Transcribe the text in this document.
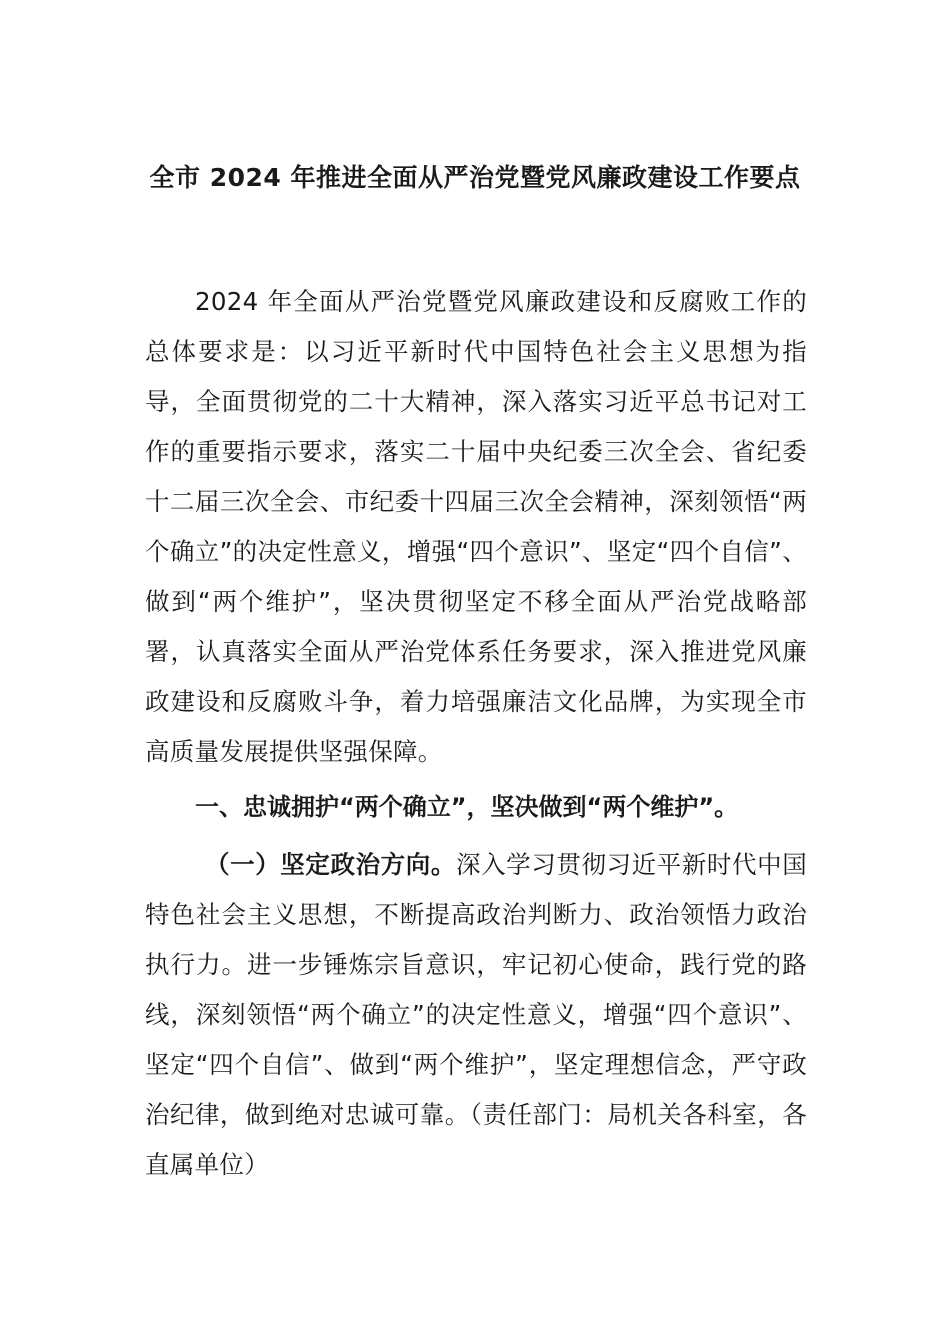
全市 2024 年推进全面从严治党暨党风廉政建设工作要点
2024 年全面从严治党暨党风廉政建设和反腐败工作的总体要求是：以习近平新时代中国特色社会主义思想为指导，全面贯彻党的二十大精神，深入落实习近平总书记对工作的重要指示要求，落实二十届中央纪委三次全会、省纪委十二届三次全会、市纪委十四届三次全会精神，深刻领悟“两个确立”的决定性意义，增强“四个意识”、坚定“四个自信”、做到“两个维护”，坚决贯彻坚定不移全面从严治党战略部署，认真落实全面从严治党体系任务要求，深入推进党风廉政建设和反腐败斗争，着力培强廉洁文化品牌，为实现全市高质量发展提供坚强保障。
一、忠诚拥护“两个确立”，坚决做到“两个维护”。
（一）坚定政治方向。深入学习贯彻习近平新时代中国特色社会主义思想，不断提高政治判断力、政治领悟力政治执行力。进一步锤炼宗旨意识，牢记初心使命，践行党的路线，深刻领悟“两个确立”的决定性意义，增强“四个意识”、坚定“四个自信”、做到“两个维护”，坚定理想信念，严守政治纪律，做到绝对忠诚可靠。（责任部门：局机关各科室，各直属单位）
